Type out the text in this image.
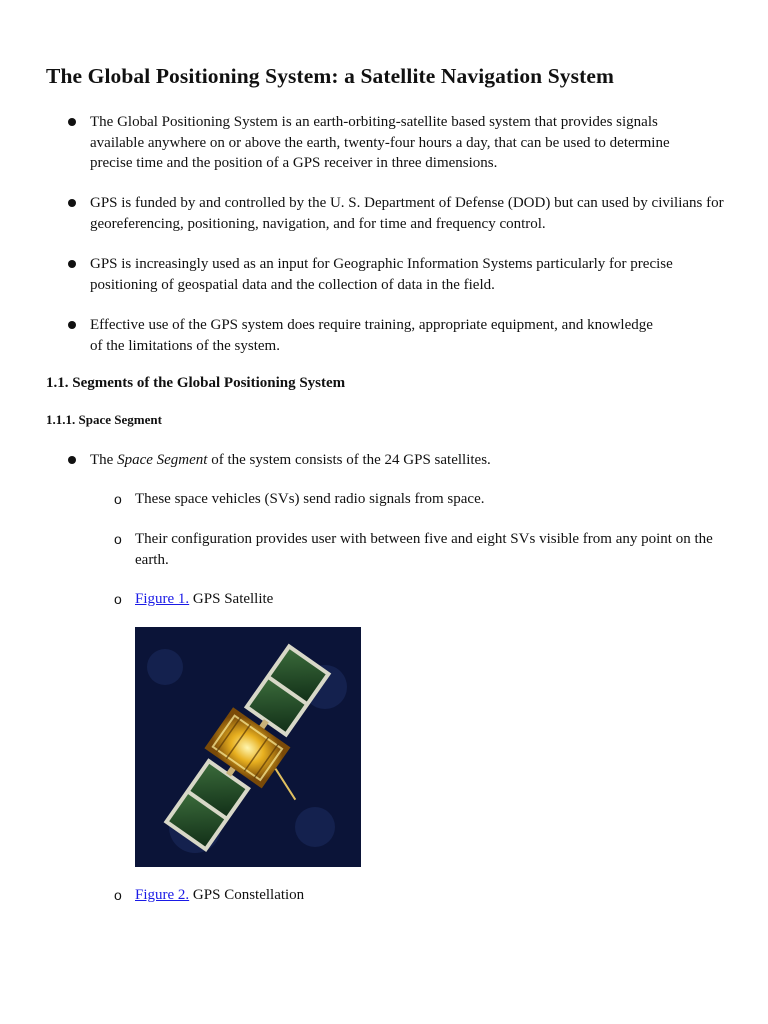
The Global Positioning System: a Satellite Navigation System

The Global Positioning System is an earth-orbiting-satellite based system that provides signals available anywhere on or above the earth, twenty-four hours a day, that can be used to determine precise time and the position of a GPS receiver in three dimensions.

GPS is funded by and controlled by the U. S. Department of Defense (DOD) but can used by civilians for georeferencing, positioning, navigation, and for time and frequency control.

GPS is increasingly used as an input for Geographic Information Systems particularly for precise positioning of geospatial data and the collection of data in the field.

Effective use of the GPS system does require training, appropriate equipment, and knowledge of the limitations of the system.

1.1. Segments of the Global Positioning System
1.1.1. Space Segment

The Space Segment of the system consists of the 24 GPS satellites.

o These space vehicles (SVs) send radio signals from space.

o Their configuration provides user with between five and eight SVs visible from any point on the earth.

o Figure 1. GPS Satellite

o Figure 2. GPS Constellation
